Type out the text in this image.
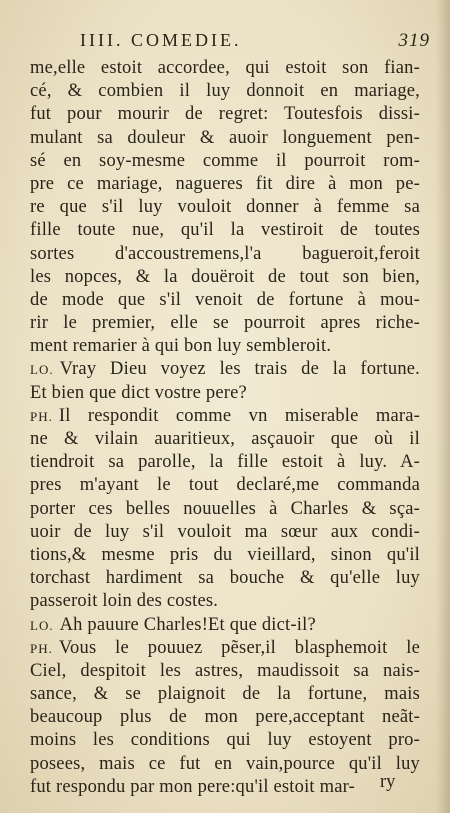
IIII. COMEDIE.	319
me,elle estoit accordee, qui estoit son fian-
cé, & combien il luy donnoit en mariage,
fut pour mourir de regret: Toutesfois dissi-
mulant sa douleur & auoir longuement pen-
sé en soy-mesme comme il pourroit rom-
pre ce mariage, nagueres fit dire à mon pe-
re que s'il luy vouloit donner à femme sa
fille toute nue, qu'il la vestiroit de toutes
sortes d'accoustremens,l'a bagueroit,feroit
les nopces, & la douëroit de tout son bien,
de mode que s'il venoit de fortune à mou-
rir le premier, elle se pourroit apres riche-
ment remarier à qui bon luy sembleroit.
LO. Vray Dieu voyez les trais de la fortune.
Et bien que dict vostre pere?
PH. Il respondit comme vn miserable mara-
ne & vilain auaritieux, asçauoir que où il
tiendroit sa parolle, la fille estoit à luy. A-
pres m'ayant le tout declaré,me commanda
porter ces belles nouuelles à Charles & sça-
uoir de luy s'il vouloit ma sœur aux condi-
tions,& mesme pris du vieillard, sinon qu'il
torchast hardiment sa bouche & qu'elle luy
passeroit loin des costes.
LO. Ah pauure Charles!Et que dict-il?
PH. Vous le pouuez pẽser,il blasphemoit le
Ciel, despitoit les astres, maudissoit sa nais-
sance, & se plaignoit de la fortune, mais
beaucoup plus de mon pere,acceptant neãt-
moins les conditions qui luy estoyent pro-
posees, mais ce fut en vain,pource qu'il luy
fut respondu par mon pere:qu'il estoit mar-	ry
